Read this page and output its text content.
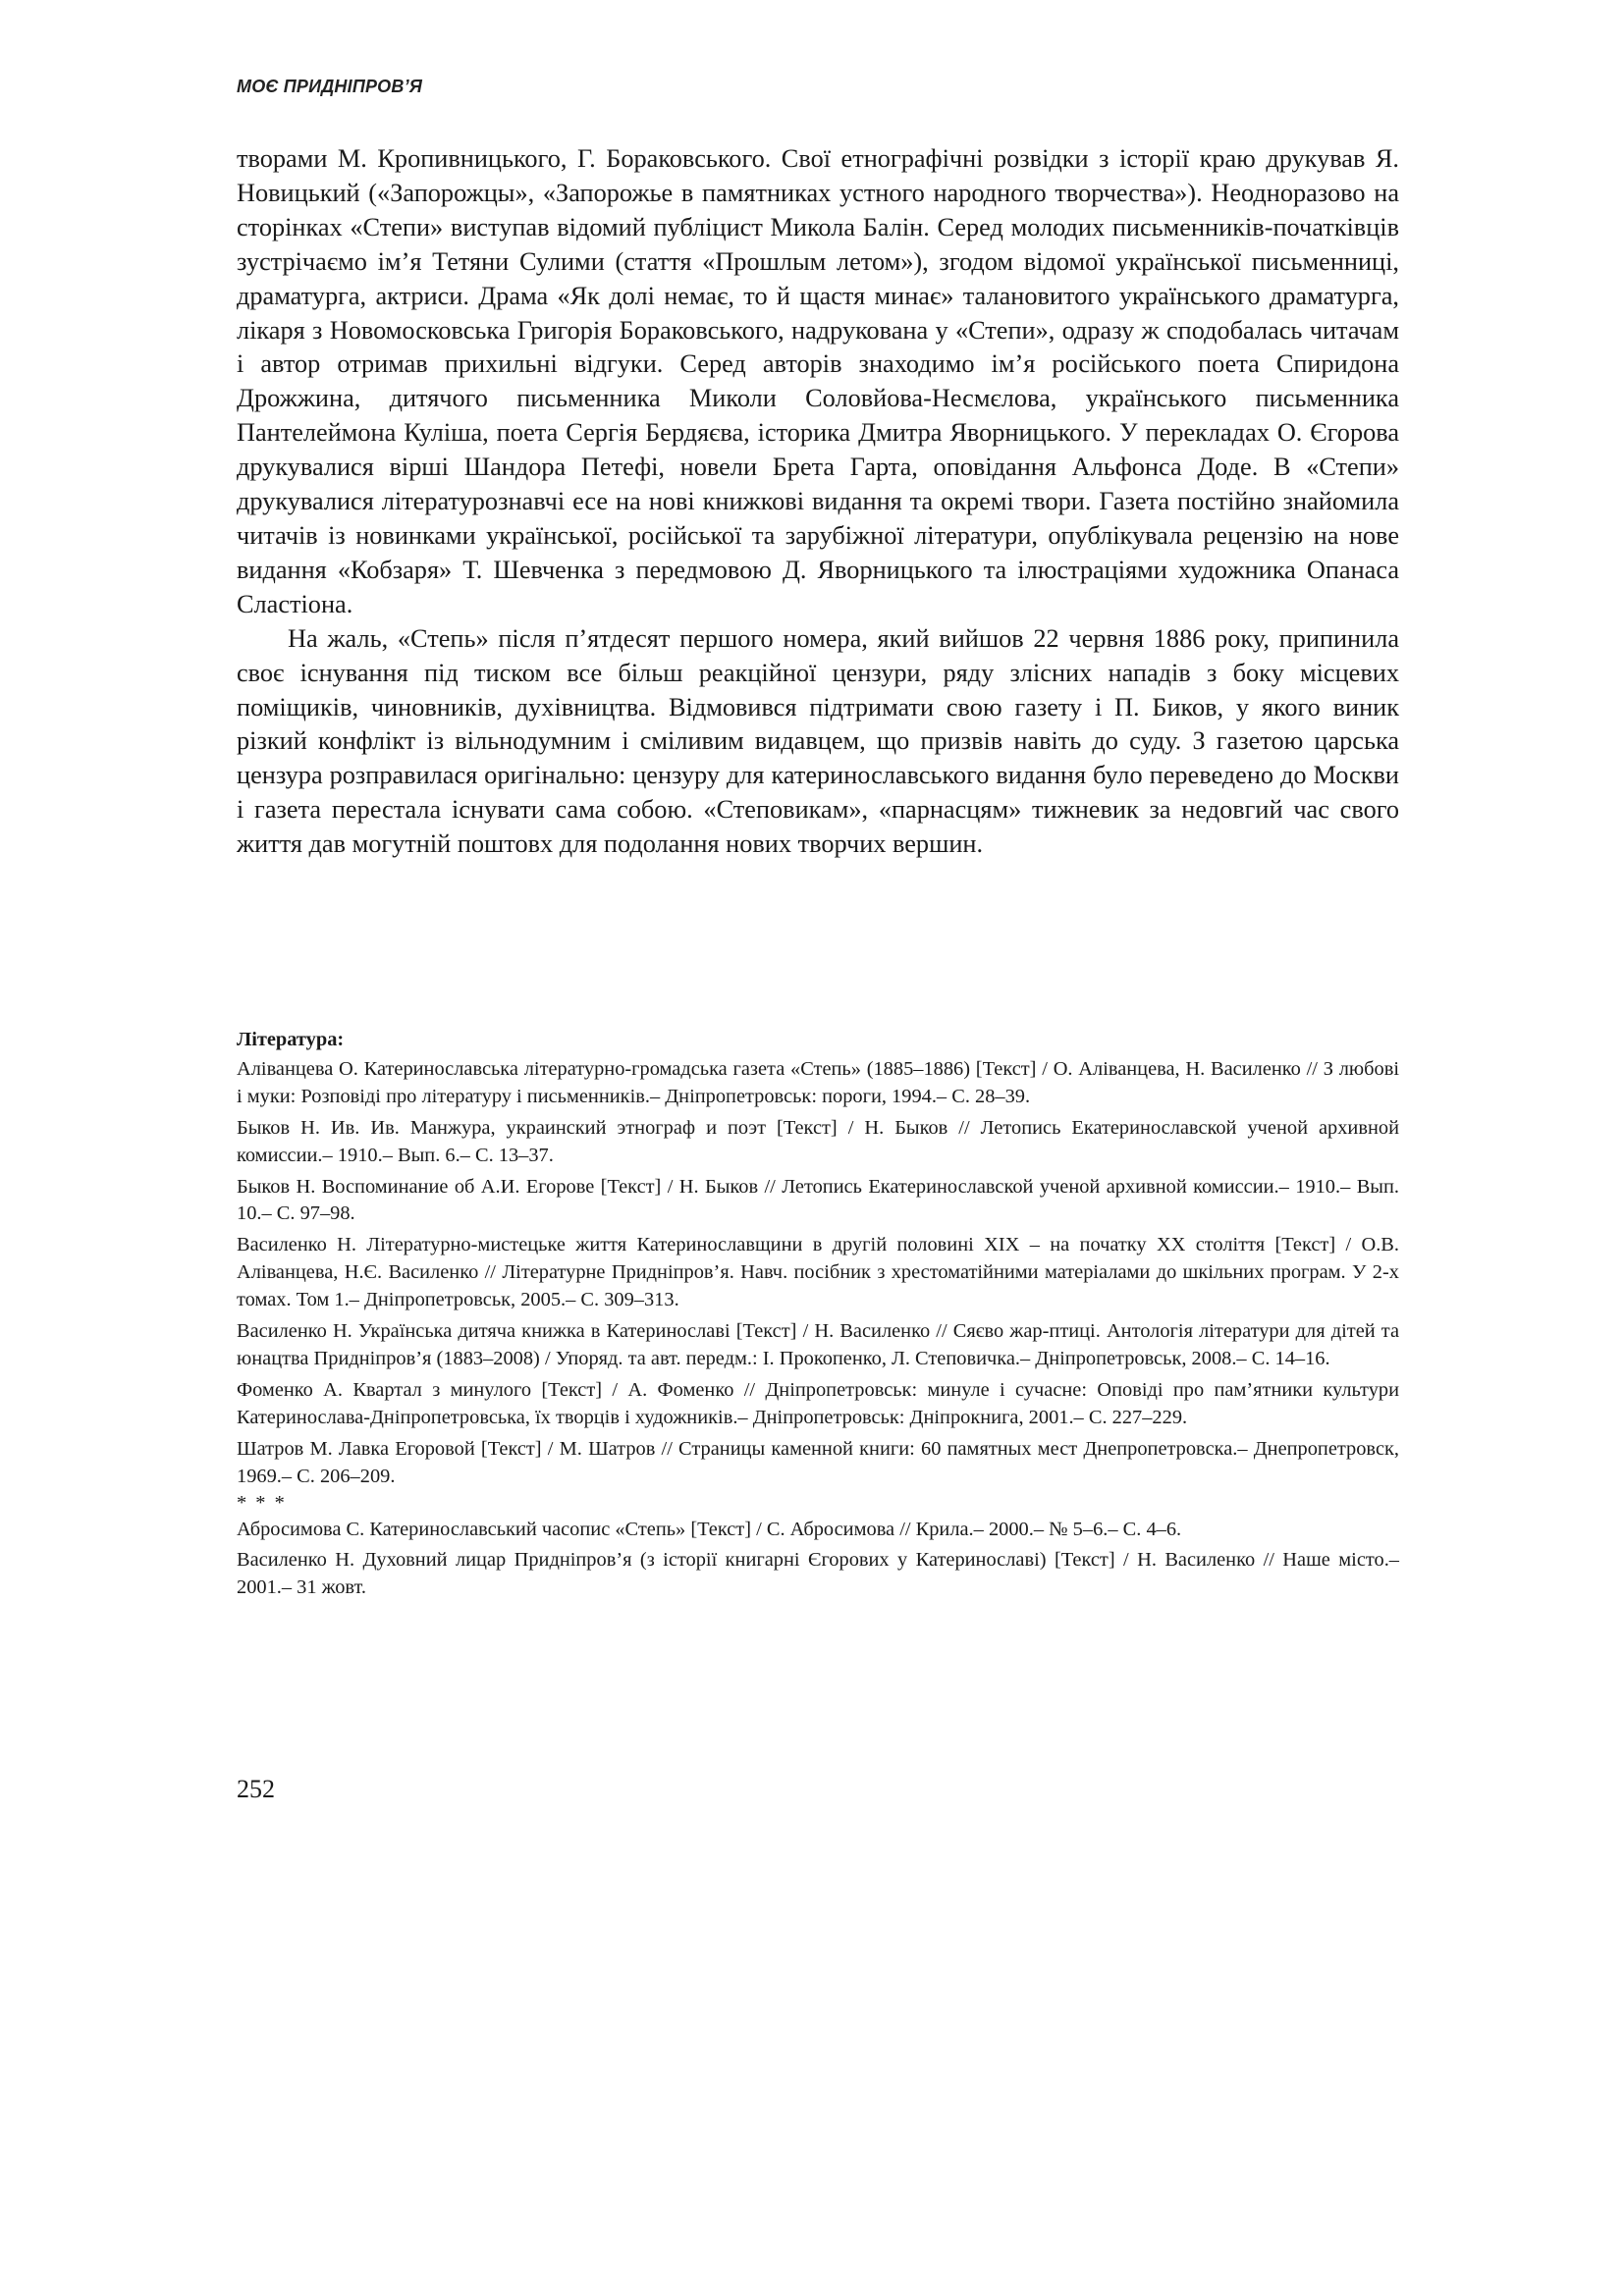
МОЄ ПРИДНІПРОВ’Я

творами М. Кропивницького, Г. Бораковського. Свої етнографічні розвідки з історії краю друкував Я. Новицький («Запорожцы», «Запорожье в памятниках устного народного творчества»). Неодноразово на сторінках «Степи» виступав відомий публіцист Микола Балін. Серед молодих письменників-початківців зустрічаємо ім’я Тетяни Сулими (стаття «Прошлым летом»), згодом відомої української письменниці, драматурга, актриси. Драма «Як долі немає, то й щастя минає» талановитого українського драматурга, лікаря з Новомосковська Григорія Бораковського, надрукована у «Степи», одразу ж сподобалась читачам і автор отримав прихильні відгуки. Серед авторів знаходимо ім’я російського поета Спиридона Дрожжина, дитячого письменника Миколи Соловйова-Несмєлова, українського письменника Пантелеймона Куліша, поета Сергія Бердяєва, історика Дмитра Яворницького. У перекладах О. Єгорова друкувалися вірші Шандора Петефі, новели Брета Гарта, оповідання Альфонса Доде. В «Степи» друкувалися літературознавчі есе на нові книжкові видання та окремі твори. Газета постійно знайомила читачів із новинками української, російської та зарубіжної літератури, опублікувала рецензію на нове видання «Кобзаря» Т. Шевченка з передмовою Д. Яворницького та ілюстраціями художника Опанаса Сластіона.

На жаль, «Степь» після п’ятдесят першого номера, який вийшов 22 червня 1886 року, припинила своє існування під тиском все більш реакційної цензури, ряду злісних нападів з боку місцевих поміщиків, чиновників, духівництва. Відмовився підтримати свою газету і П. Биков, у якого виник різкий конфлікт із вільнодумним і сміливим видавцем, що призвів навіть до суду. З газетою царська цензура розправилася оригінально: цензуру для катеринославського видання було переведено до Москви і газета перестала існувати сама собою. «Степовикам», «парнасцям» тижневик за недовгий час свого життя дав могутній поштовх для подолання нових творчих вершин.

Література:
Аліванцева О. Катеринославська літературно-громадська газета «Степь» (1885–1886) [Текст] / О. Аліванцева, Н. Василенко // З любові і муки: Розповіді про літературу і письменників.– Дніпропетровськ: пороги, 1994.– С. 28–39.
Быков Н. Ив. Ив. Манжура, украинский этнограф и поэт [Текст] / Н. Быков // Летопись Екатеринославской ученой архивной комиссии.– 1910.– Вып. 6.– С. 13–37.
Быков Н. Воспоминание об А.И. Егорове [Текст] / Н. Быков // Летопись Екатеринославской ученой архивной комиссии.– 1910.– Вып. 10.– С. 97–98.
Василенко Н. Літературно-мистецьке життя Катеринославщини в другій половині XIX – на початку XX століття [Текст] / О.В. Аліванцева, Н.Є. Василенко // Літературне Придніпров’я. Навч. посібник з хрестоматійними матеріалами до шкільних програм. У 2-х томах. Том 1.– Дніпропетровськ, 2005.– С. 309–313.
Василенко Н. Українська дитяча книжка в Катеринославі [Текст] / Н. Василенко // Сяєво жар-птиці. Антологія літератури для дітей та юнацтва Придніпров’я (1883–2008) / Упоряд. та авт. передм.: І. Прокопенко, Л. Степовичка.– Дніпропетровськ, 2008.– С. 14–16.
Фоменко А. Квартал з минулого [Текст] / А. Фоменко // Дніпропетровськ: минуле і сучасне: Оповіді про пам’ятники культури Катеринослава-Дніпропетровська, їх творців і художників.– Дніпропетровськ: Дніпрокнига, 2001.– С. 227–229.
Шатров М. Лавка Егоровой [Текст] / М. Шатров // Страницы каменной книги: 60 памятных мест Днепропетровска.– Днепропетровск, 1969.– С. 206–209.
* * *
Абросимова С. Катеринославський часопис «Степь» [Текст] / С. Абросимова // Крила.– 2000.– № 5–6.– С. 4–6.
Василенко Н. Духовний лицар Придніпров’я (з історії книгарні Єгорових у Катеринославі) [Текст] / Н. Василенко // Наше місто.– 2001.– 31 жовт.
252
